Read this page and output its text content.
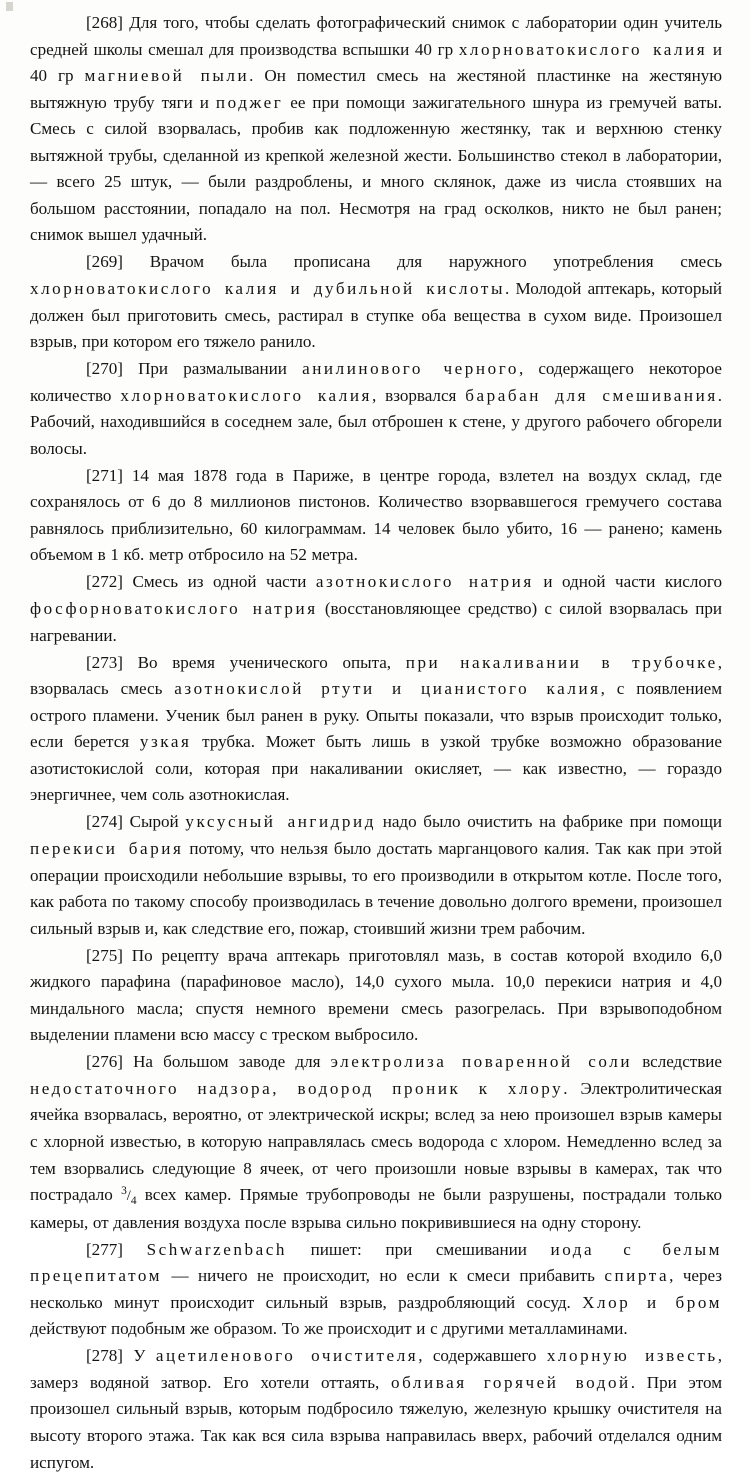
[268] Для того, чтобы сделать фотографический снимок с лаборатории один учитель средней школы смешал для производства вспышки 40 гр хлорноватокислого калия и 40 гр магниевой пыли. Он поместил смесь на жестяной пластинке на жестяную вытяжную трубу тяги и поджег ее при помощи зажигательного шнура из гремучей ваты. Смесь с силой взорвалась, пробив как подложенную жестянку, так и верхнюю стенку вытяжной трубы, сделанной из крепкой железной жести. Большинство стекол в лаборатории, — всего 25 штук, — были раздроблены, и много склянок, даже из числа стоявших на большом расстоянии, попадало на пол. Несмотря на град осколков, никто не был ранен; снимок вышел удачный.

[269] Врачом была прописана для наружного употребления смесь хлорноватокислого калия и дубильной кислоты. Молодой аптекарь, который должен был приготовить смесь, растирал в ступке оба вещества в сухом виде. Произошел взрыв, при котором его тяжело ранило.

[270] При размалывании анилинового черного, содержащего некоторое количество хлорноватокислого калия, взорвался барабан для смешивания. Рабочий, находившийся в соседнем зале, был отброшен к стене, у другого рабочего обгорели волосы.

[271] 14 мая 1878 года в Париже, в центре города, взлетел на воздух склад, где сохранялось от 6 до 8 миллионов пистонов. Количество взорвавшегося гремучего состава равнялось приблизительно, 60 килограммам. 14 человек было убито, 16 — ранено; камень объемом в 1 кб. метр отбросило на 52 метра.

[272] Смесь из одной части азотнокислого натрия и одной части кислого фосфорноватокислого натрия (восстановляющее средство) с силой взорвалась при нагревании.

[273] Во время ученического опыта, при накаливании в трубочке, взорвалась смесь азотнокислой ртути и цианистого калия, с появлением острого пламени. Ученик был ранен в руку. Опыты показали, что взрыв происходит только, если берется узкая трубка. Может быть лишь в узкой трубке возможно образование азотистокислой соли, которая при накаливании окисляет, — как известно, — гораздо энергичнее, чем соль азотнокислая.

[274] Сырой уксусный ангидрид надо было очистить на фабрике при помощи перекиси бария потому, что нельзя было достать марганцового калия. Так как при этой операции происходили небольшие взрывы, то его производили в открытом котле. После того, как работа по такому способу производилась в течение довольно долгого времени, произошел сильный взрыв и, как следствие его, пожар, стоивший жизни трем рабочим.

[275] По рецепту врача аптекарь приготовлял мазь, в состав которой входило 6,0 жидкого парафина (парафиновое масло), 14,0 сухого мыла. 10,0 перекиси натрия и 4,0 миндального масла; спустя немного времени смесь разогрелась. При взрывоподобном выделении пламени всю массу с треском выбросило.

[276] На большом заводе для электролиза поваренной соли вследствие недостаточного надзора, водород проник к хлору. Электролитическая ячейка взорвалась, вероятно, от электрической искры; вслед за нею произошел взрыв камеры с хлорной известью, в которую направлялась смесь водорода с хлором. Немедленно вслед за тем взорвались следующие 8 ячеек, от чего произошли новые взрывы в камерах, так что пострадало $^3/_4$ всех камер. Прямые трубопроводы не были разрушены, пострадали только камеры, от давления воздуха после взрыва сильно покривившиеся на одну сторону.

[277] Schwarzenbach пишет: при смешивании иода с белым прецепитатом — ничего не происходит, но если к смеси прибавить спирта, через несколько минут происходит сильный взрыв, раздробляющий сосуд. Хлор и бром действуют подобным же образом. То же происходит и с другими металламинами.

[278] У ацетиленового очистителя, содержавшего хлорную известь, замерз водяной затвор. Его хотели оттаять, обливая горячей водой. При этом произошел сильный взрыв, которым подбросило тяжелую, железную крышку очистителя на высоту второго этажа. Так как вся сила взрыва направилась вверх, рабочий отделался одним испугом.
